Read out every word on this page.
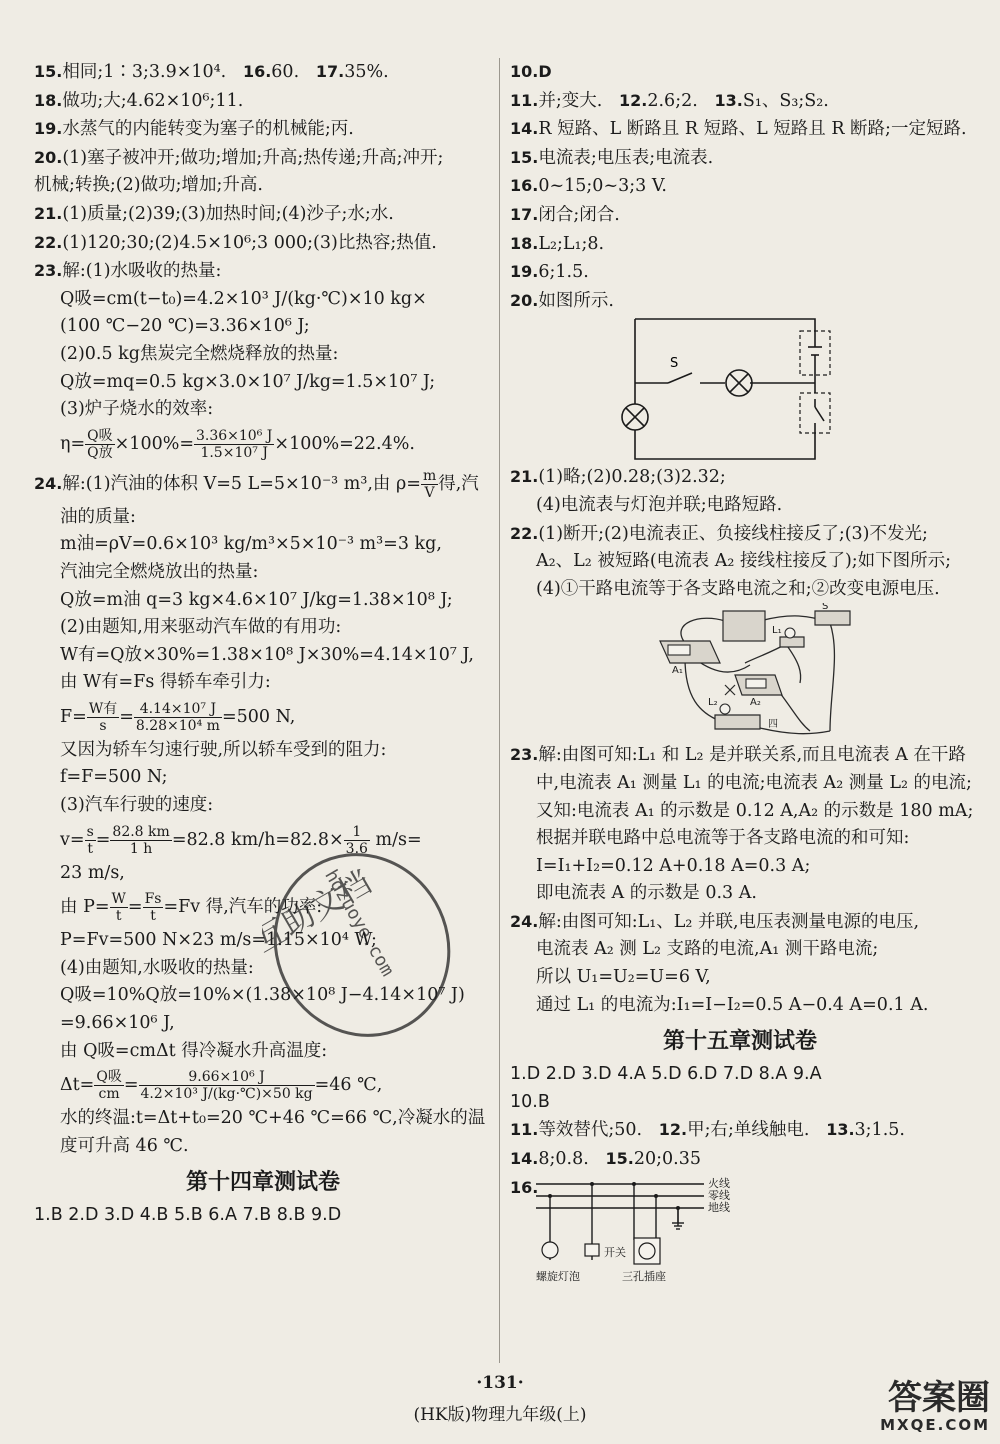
15.相同;1∶3;3.9×10⁴. 16.60. 17.35%.
18.做功;大;4.62×10⁶;11.
19.水蒸气的内能转变为塞子的机械能;丙.
20.(1)塞子被冲开;做功;增加;升高;热传递;升高;冲开;
机械;转换;(2)做功;增加;升高.
21.(1)质量;(2)39;(3)加热时间;(4)沙子;水;水.
22.(1)120;30;(2)4.5×10⁶;3 000;(3)比热容;热值.
23.解:(1)水吸收的热量:
Q吸=cm(t−t₀)=4.2×10³ J/(kg·℃)×10 kg×
(100 ℃−20 ℃)=3.36×10⁶ J;
(2)0.5 kg焦炭完全燃烧释放的热量:
Q放=mq=0.5 kg×3.0×10⁷ J/kg=1.5×10⁷ J;
(3)炉子烧水的效率:
$\eta= \frac{\text{Q吸}}{\text{Q放}} \times 100\%= \frac{\text{3.36×10⁶ J}}{\text{1.5×10⁷ J}} \times 100\%=22.4\%$.
24.解:(1)汽油的体积 V=5 L=5×10⁻³ m³,由 $\rho= \frac{m}{V}$ 得,汽
油的质量:
m油=ρV=0.6×10³ kg/m³×5×10⁻³ m³=3 kg,
汽油完全燃烧放出的热量:
Q放=m油 q=3 kg×4.6×10⁷ J/kg=1.38×10⁸ J;
(2)由题知,用来驱动汽车做的有用功:
W有=Q放×30%=1.38×10⁸ J×30%=4.14×10⁷ J,
由 W有=Fs 得轿车牵引力:
$F= \frac{\text{W有}}{s} = \frac{\text{4.14×10⁷ J}}{\text{8.28×10⁴ m}} =500$ N,
又因为轿车匀速行驶,所以轿车受到的阻力:
f=F=500 N;
(3)汽车行驶的速度:
$v= \frac{s}{t} = \frac{82.8 km}{1 h} =82.8$ $km/h=82.8\times \frac{1}{3.6} m/s=$
23 m/s,
由 $P= \frac{W}{t} = \frac{Fs}{t} =Fv$ 得,汽车的功率:
P=Fv=500 N×23 m/s=1.15×10⁴ W;
(4)由题知,水吸收的热量:
Q吸=10%Q放=10%×(1.38×10⁸ J−4.14×10⁷ J)
=9.66×10⁶ J,
由 Q吸=cmΔt 得冷凝水升高温度:
$\Delta t= \frac{\text{Q吸}}{cm} = \frac{\text{9.66×10⁶ J}}{\text{4.2×10³ J/(kg·℃)×50 kg}} =46$ ℃,
水的终温:t=Δt+t₀=20 ℃+46 ℃=66 ℃,冷凝水的温
度可升高 46 ℃.
第十四章测试卷
1.B 2.D 3.D 4.B 5.B 6.A 7.B 8.B 9.D
10.D
11.并;变大. 12.2.6;2. 13.S₁、S₃;S₂.
14.R 短路、L 断路且 R 短路、L 短路且 R 断路;一定短路.
15.电流表;电压表;电流表.
16.0~15;0~3;3 V.
17.闭合;闭合.
18.L₂;L₁;8.
19.6;1.5.
20.如图所示.
S
21.(1)略;(2)0.28;(3)2.32;
(4)电流表与灯泡并联;电路短路.
22.(1)断开;(2)电流表正、负接线柱接反了;(3)不发光;
A₂、L₂ 被短路(电流表 A₂ 接线柱接反了);如下图所示;
(4)①干路电流等于各支路电流之和;②改变电源电压.
S
L₁
L₂
A₁
A₂
四
23.解:由图可知:L₁ 和 L₂ 是并联关系,而且电流表 A 在干路
中,电流表 A₁ 测量 L₁ 的电流;电流表 A₂ 测量 L₂ 的电流;
又知:电流表 A₁ 的示数是 0.12 A,A₂ 的示数是 180 mA;
根据并联电路中总电流等于各支路电流的和可知:
I=I₁+I₂=0.12 A+0.18 A=0.3 A;
即电流表 A 的示数是 0.3 A.
24.解:由图可知:L₁、L₂ 并联,电压表测量电源的电压,
电流表 A₂ 测 L₂ 支路的电流,A₁ 测干路电流;
所以 U₁=U₂=U=6 V,
通过 L₁ 的电流为:I₁=I−I₂=0.5 A−0.4 A=0.1 A.
第十五章测试卷
1.D 2.D 3.D 4.A 5.D 6.D 7.D 8.A 9.A
10.B
11.等效替代;50. 12.甲;右;单线触电. 13.3;1.5.
14.8;0.8. 15.20;0.35
16.	火线
零线
地线
开关
螺旋灯泡	三孔插座
互助文档
hdzuoye.com
·131·
(HK版)物理九年级(上)	答案圈
MXQE.COM
